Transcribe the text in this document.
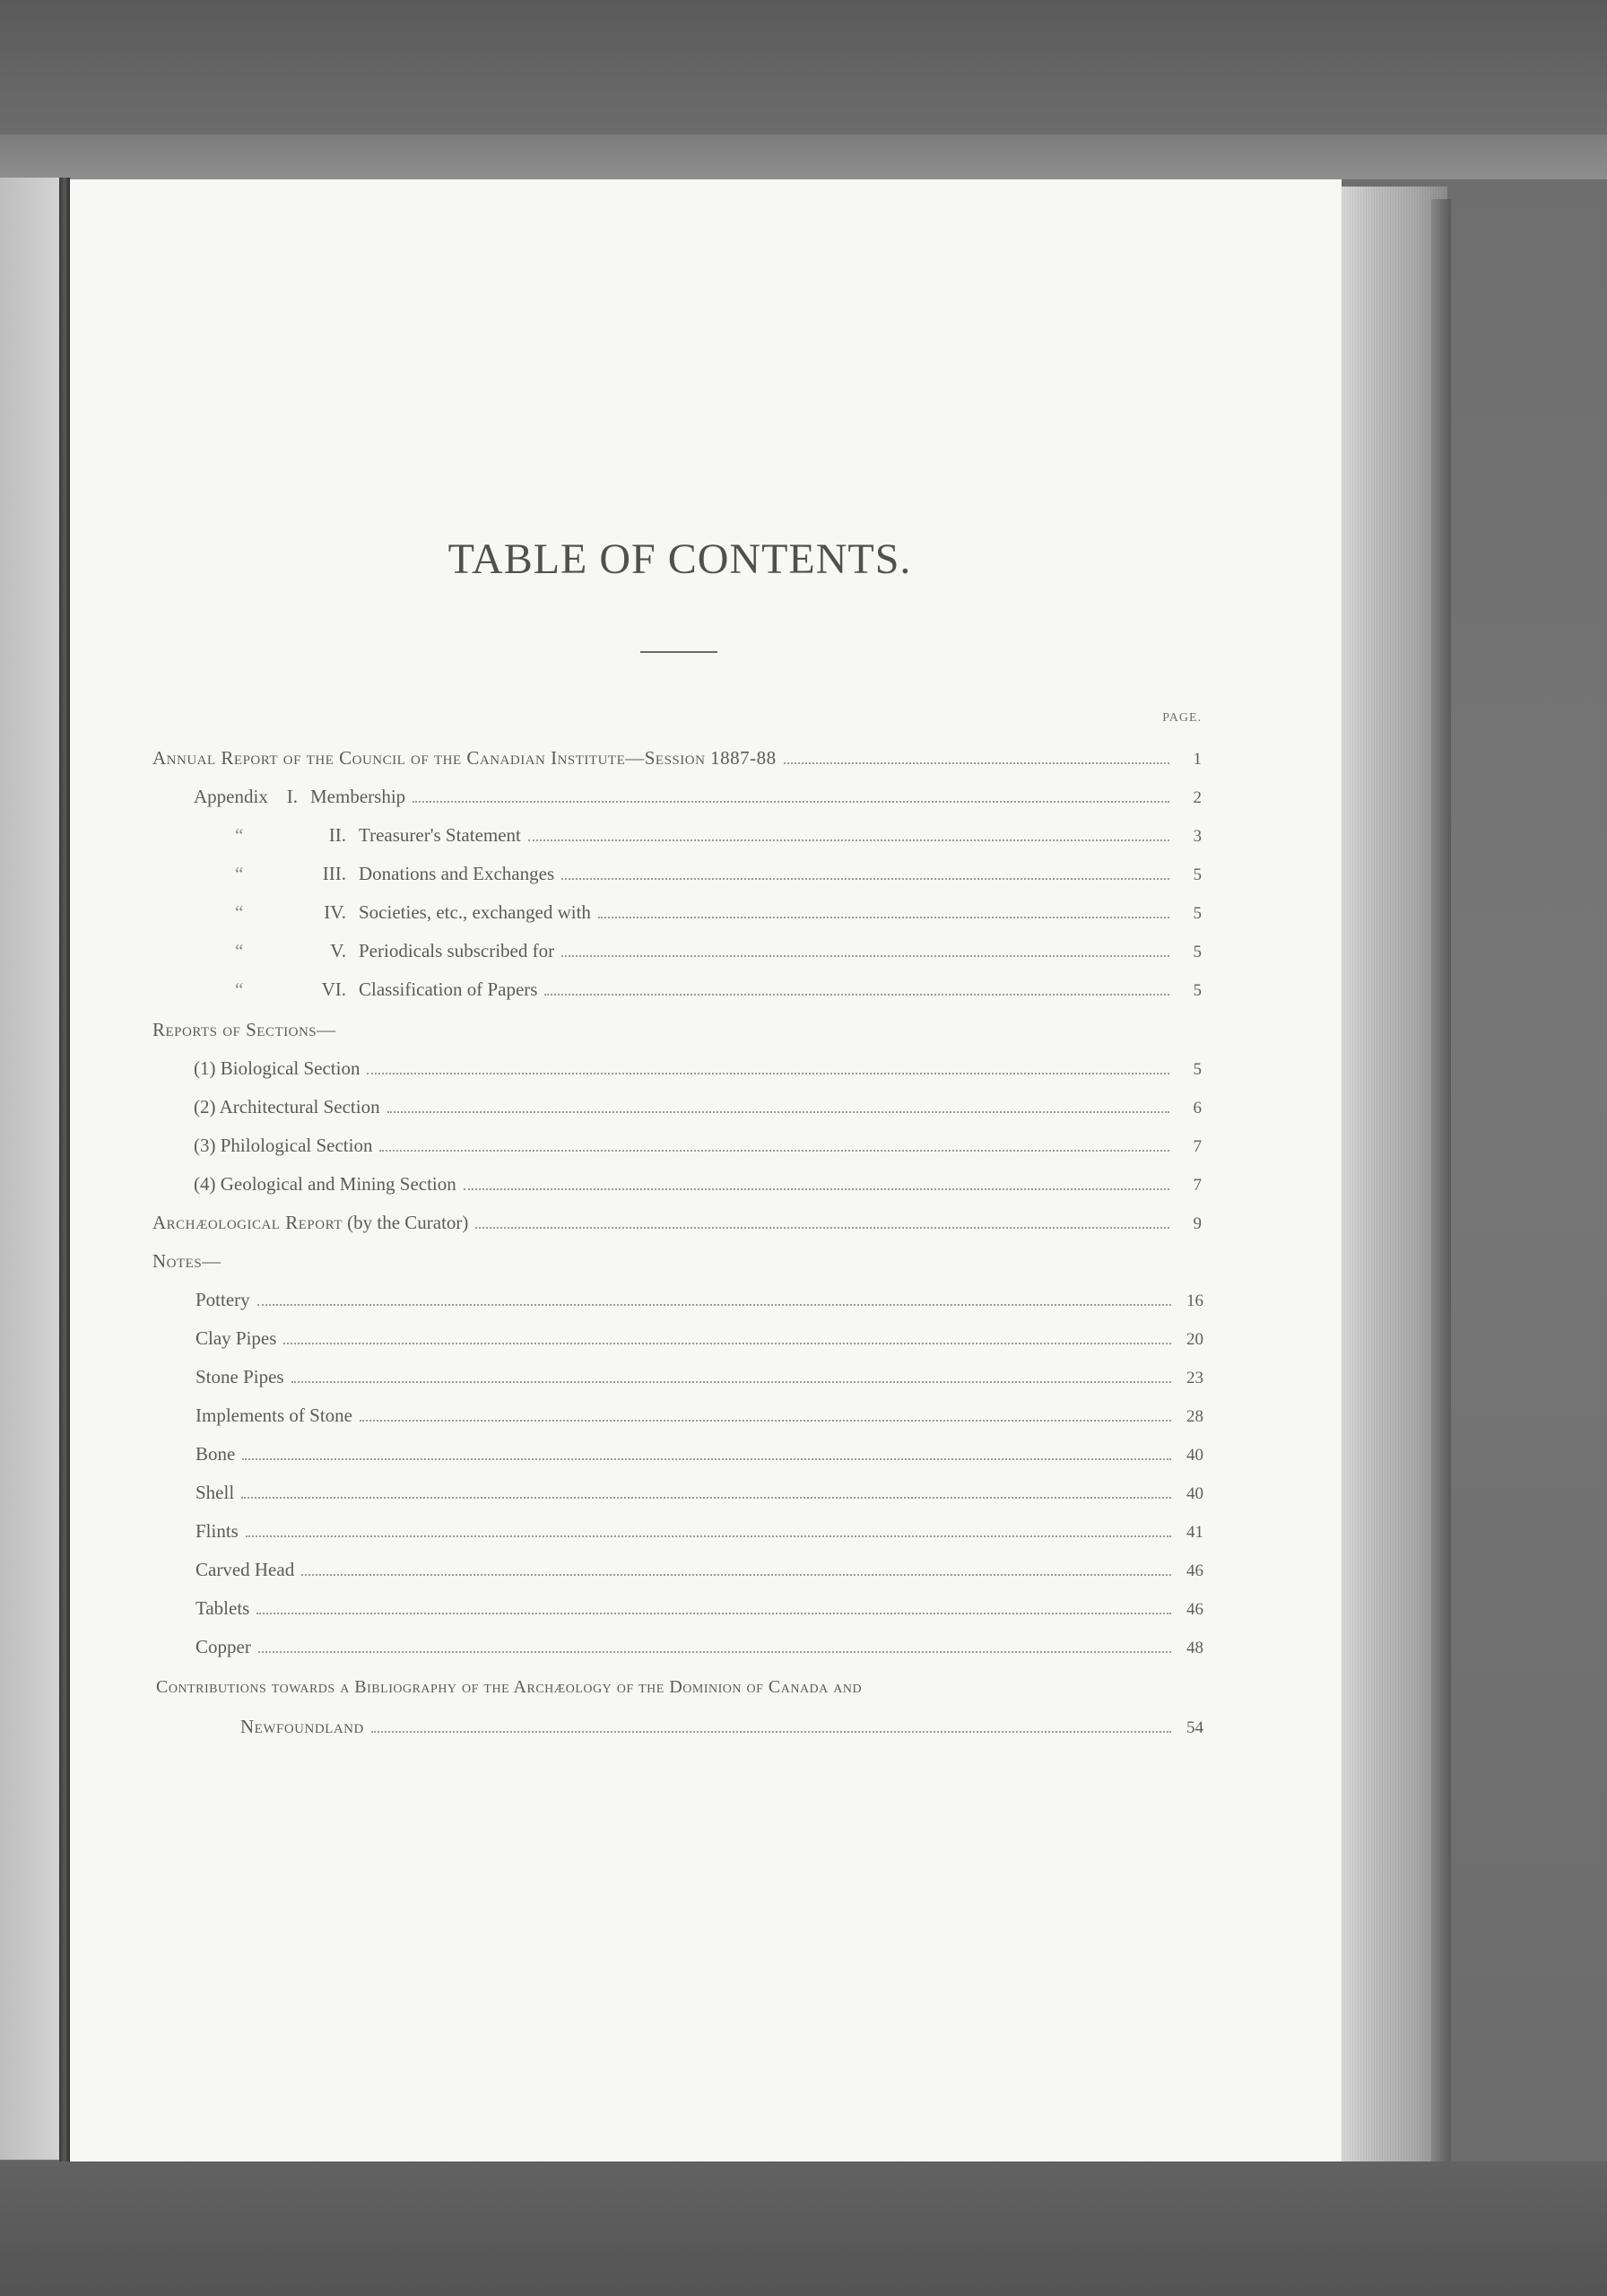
TABLE OF CONTENTS.
PAGE.
Annual Report of the Council of the Canadian Institute—Session 1887-88	1
Appendix I. Membership	2
“	II. Treasurer's Statement	3
“	III. Donations and Exchanges	5
“	IV. Societies, etc., exchanged with	5
“	V. Periodicals subscribed for	5
“	VI. Classification of Papers	5
Reports of Sections—
(1) Biological Section	5
(2) Architectural Section	6
(3) Philological Section	7
(4) Geological and Mining Section	7
Archæological Report (by the Curator)	9
Notes—
Pottery	16
Clay Pipes	20
Stone Pipes	23
Implements of Stone	28
Bone	40
Shell	40
Flints	41
Carved Head	46
Tablets	46
Copper	48
Contributions towards a Bibliography of the Archæology of the Dominion of Canada and
Newfoundland	54
